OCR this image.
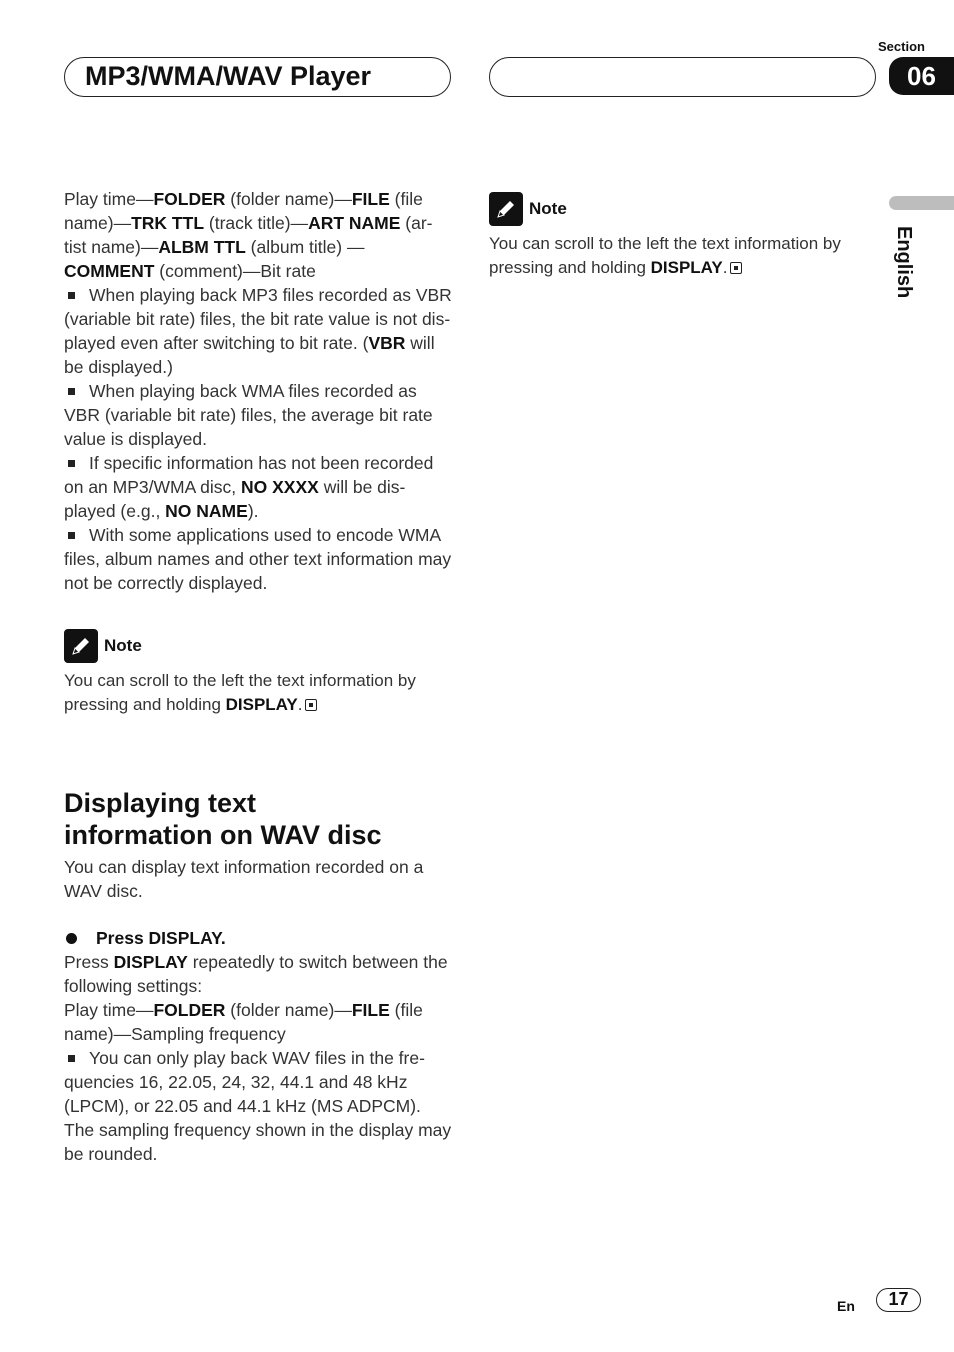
MP3/WMA/WAV Player
Section
06
English

Play time—FOLDER (folder name)—FILE (file name)—TRK TTL (track title)—ART NAME (ar- tist name)—ALBM TTL (album title) —COMMENT (comment)—Bit rate

When playing back MP3 files recorded as VBR (variable bit rate) files, the bit rate value is not dis- played even after switching to bit rate. (VBR will be displayed.)

When playing back WMA files recorded as VBR (variable bit rate) files, the average bit rate value is displayed.

If specific information has not been recorded on an MP3/WMA disc, NO XXXX will be dis- played (e.g., NO NAME).

With some applications used to encode WMA files, album names and other text information may not be correctly displayed.

Note

You can scroll to the left the text information by pressing and holding DISPLAY.

Displaying text
information on WAV disc

You can display text information recorded on a WAV disc.

Press DISPLAY.

Press DISPLAY repeatedly to switch between the following settings:

Play time—FOLDER (folder name)—FILE (file name)—Sampling frequency

You can only play back WAV files in the fre- quencies 16, 22.05, 24, 32, 44.1 and 48 kHz (LPCM), or 22.05 and 44.1 kHz (MS ADPCM). The sampling frequency shown in the display may be rounded.

Note

You can scroll to the left the text information by pressing and holding DISPLAY.

En	17
